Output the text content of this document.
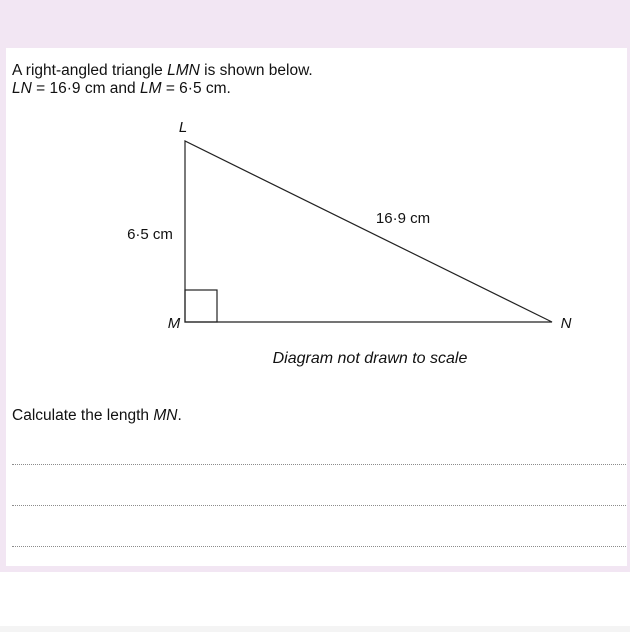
A right-angled triangle LMN is shown below.
LN = 16·9 cm and LM = 6·5 cm.
L
M	N
6·5 cm
16·9 cm
Diagram not drawn to scale
Calculate the length MN.
